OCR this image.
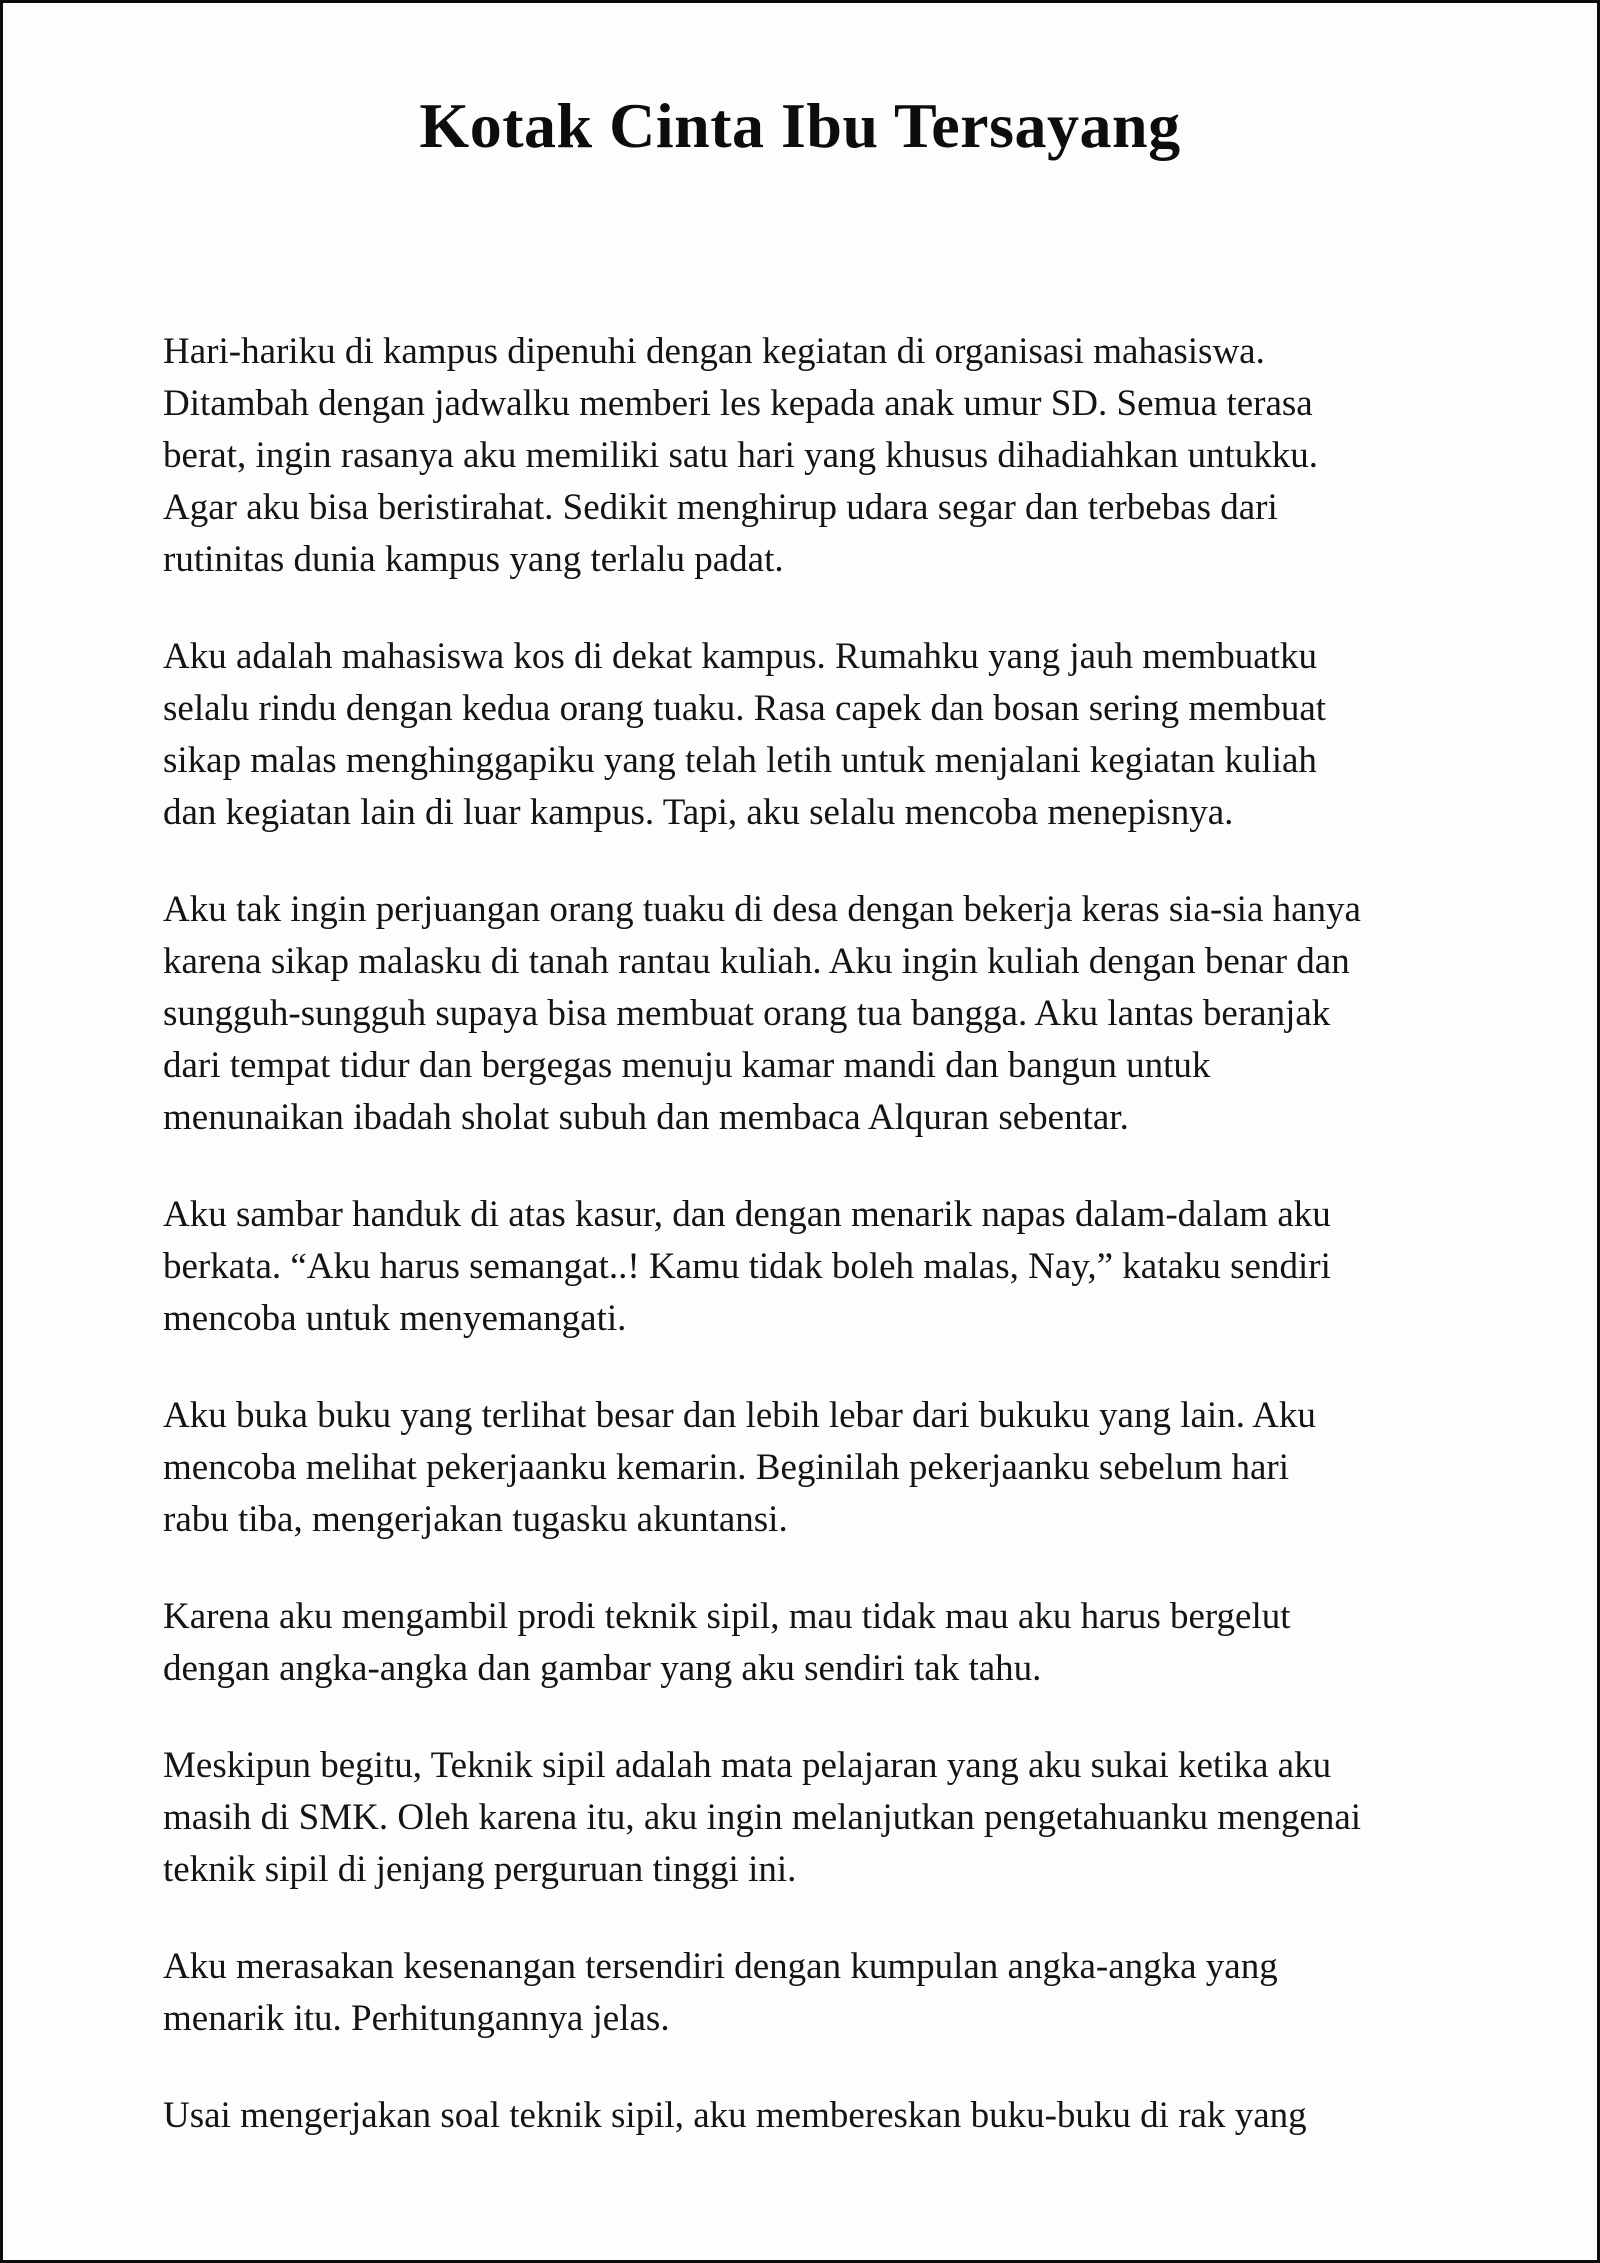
Kotak Cinta Ibu Tersayang

Hari-hariku di kampus dipenuhi dengan kegiatan di organisasi mahasiswa.
Ditambah dengan jadwalku memberi les kepada anak umur SD. Semua terasa
berat, ingin rasanya aku memiliki satu hari yang khusus dihadiahkan untukku.
Agar aku bisa beristirahat. Sedikit menghirup udara segar dan terbebas dari
rutinitas dunia kampus yang terlalu padat.

Aku adalah mahasiswa kos di dekat kampus. Rumahku yang jauh membuatku
selalu rindu dengan kedua orang tuaku. Rasa capek dan bosan sering membuat
sikap malas menghinggapiku yang telah letih untuk menjalani kegiatan kuliah
dan kegiatan lain di luar kampus. Tapi, aku selalu mencoba menepisnya.

Aku tak ingin perjuangan orang tuaku di desa dengan bekerja keras sia-sia hanya
karena sikap malasku di tanah rantau kuliah. Aku ingin kuliah dengan benar dan
sungguh-sungguh supaya bisa membuat orang tua bangga. Aku lantas beranjak
dari tempat tidur dan bergegas menuju kamar mandi dan bangun untuk
menunaikan ibadah sholat subuh dan membaca Alquran sebentar.

Aku sambar handuk di atas kasur, dan dengan menarik napas dalam-dalam aku
berkata. “Aku harus semangat..! Kamu tidak boleh malas, Nay,” kataku sendiri
mencoba untuk menyemangati.

Aku buka buku yang terlihat besar dan lebih lebar dari bukuku yang lain. Aku
mencoba melihat pekerjaanku kemarin. Beginilah pekerjaanku sebelum hari
rabu tiba, mengerjakan tugasku akuntansi.

Karena aku mengambil prodi teknik sipil, mau tidak mau aku harus bergelut
dengan angka-angka dan gambar yang aku sendiri tak tahu.

Meskipun begitu, Teknik sipil adalah mata pelajaran yang aku sukai ketika aku
masih di SMK. Oleh karena itu, aku ingin melanjutkan pengetahuanku mengenai
teknik sipil di jenjang perguruan tinggi ini.

Aku merasakan kesenangan tersendiri dengan kumpulan angka-angka yang
menarik itu. Perhitungannya jelas.

Usai mengerjakan soal teknik sipil, aku membereskan buku-buku di rak yang
